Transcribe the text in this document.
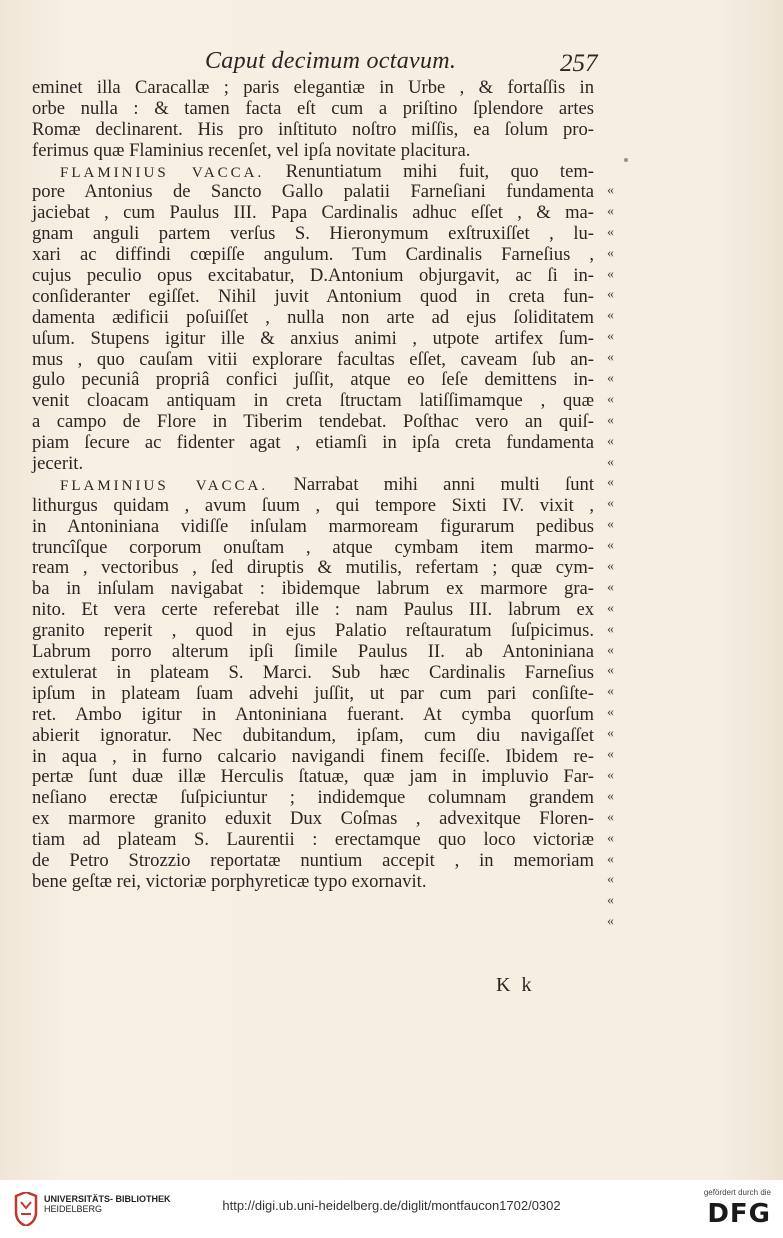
Caput decimum octavum.	257
eminet illa Caracallæ ; paris elegantiæ in Urbe , & fortaſſis in
orbe nulla : & tamen facta eſt cum a priſtino ſplendore artes
Romæ declinarent. His pro inſtituto noſtro miſſis, ea ſolum pro-
ferimus quæ Flaminius recenſet, vel ipſa novitate placitura.
FLAMINIUS VACCA. Renuntiatum mihi fuit, quo tem-
pore Antonius de Sancto Gallo palatii Farneſiani fundamenta
jaciebat , cum Paulus III. Papa Cardinalis adhuc eſſet , & ma-
gnam anguli partem verſus S. Hieronymum exſtruxiſſet , lu-
xari ac diffindi cœpiſſe angulum. Tum Cardinalis Farneſius ,
cujus peculio opus excitabatur, D.Antonium objurgavit, ac ſi in-
conſideranter egiſſet. Nihil juvit Antonium quod in creta fun-
damenta ædificii poſuiſſet , nulla non arte ad ejus ſoliditatem
uſum. Stupens igitur ille & anxius animi , utpote artifex ſum-
mus , quo cauſam vitii explorare facultas eſſet, caveam ſub an-
gulo pecuniâ propriâ confici juſſit, atque eo ſeſe demittens in-
venit cloacam antiquam in creta ſtructam latiſſimamque , quæ
a campo de Flore in Tiberim tendebat. Poſthac vero an quiſ-
piam ſecure ac fidenter agat , etiamſi in ipſa creta fundamenta
jecerit.
FLAMINIUS VACCA. Narrabat mihi anni multi ſunt
lithurgus quidam , avum ſuum , qui tempore Sixti IV. vixit ,
in Antoniniana vidiſſe inſulam marmoream figurarum pedibus
truncîſque corporum onuſtam , atque cymbam item marmo-
ream , vectoribus , ſed diruptis & mutilis, refertam ; quæ cym-
ba in inſulam navigabat : ibidemque labrum ex marmore gra-
nito. Et vera certe referebat ille : nam Paulus III. labrum ex
granito reperit , quod in ejus Palatio reſtauratum ſuſpicimus.
Labrum porro alterum ipſi ſimile Paulus II. ab Antoniniana
extulerat in plateam S. Marci. Sub hæc Cardinalis Farneſius
ipſum in plateam ſuam advehi juſſit, ut par cum pari conſiſte-
ret. Ambo igitur in Antoniniana fuerant. At cymba quorſum
abierit ignoratur. Nec dubitandum, ipſam, cum diu navigaſſet
in aqua , in furno calcario navigandi finem feciſſe. Ibidem re-
pertæ ſunt duæ illæ Herculis ſtatuæ, quæ jam in impluvio Far-
neſiano erectæ ſuſpiciuntur ; indidemque columnam grandem
ex marmore granito eduxit Dux Coſmas , advexitque Floren-
tiam ad plateam S. Laurentii : erectamque quo loco victoriæ
de Petro Strozzio reportatæ nuntium accepit , in memoriam
bene geſtæ rei, victoriæ porphyreticæ typo exornavit.
«
«
«
«
«
«
«
«
«
«
«
«
«
«
«
«
«
«
«
«
«
«
«
«
«
«
«
«
«
«
«
«
«
«
«
«
K k
UNIVERSITÄTS- BIBLIOTHEK
HEIDELBERG	http://digi.ub.uni-heidelberg.de/diglit/montfaucon1702/0302
gefördert durch die
DFG
